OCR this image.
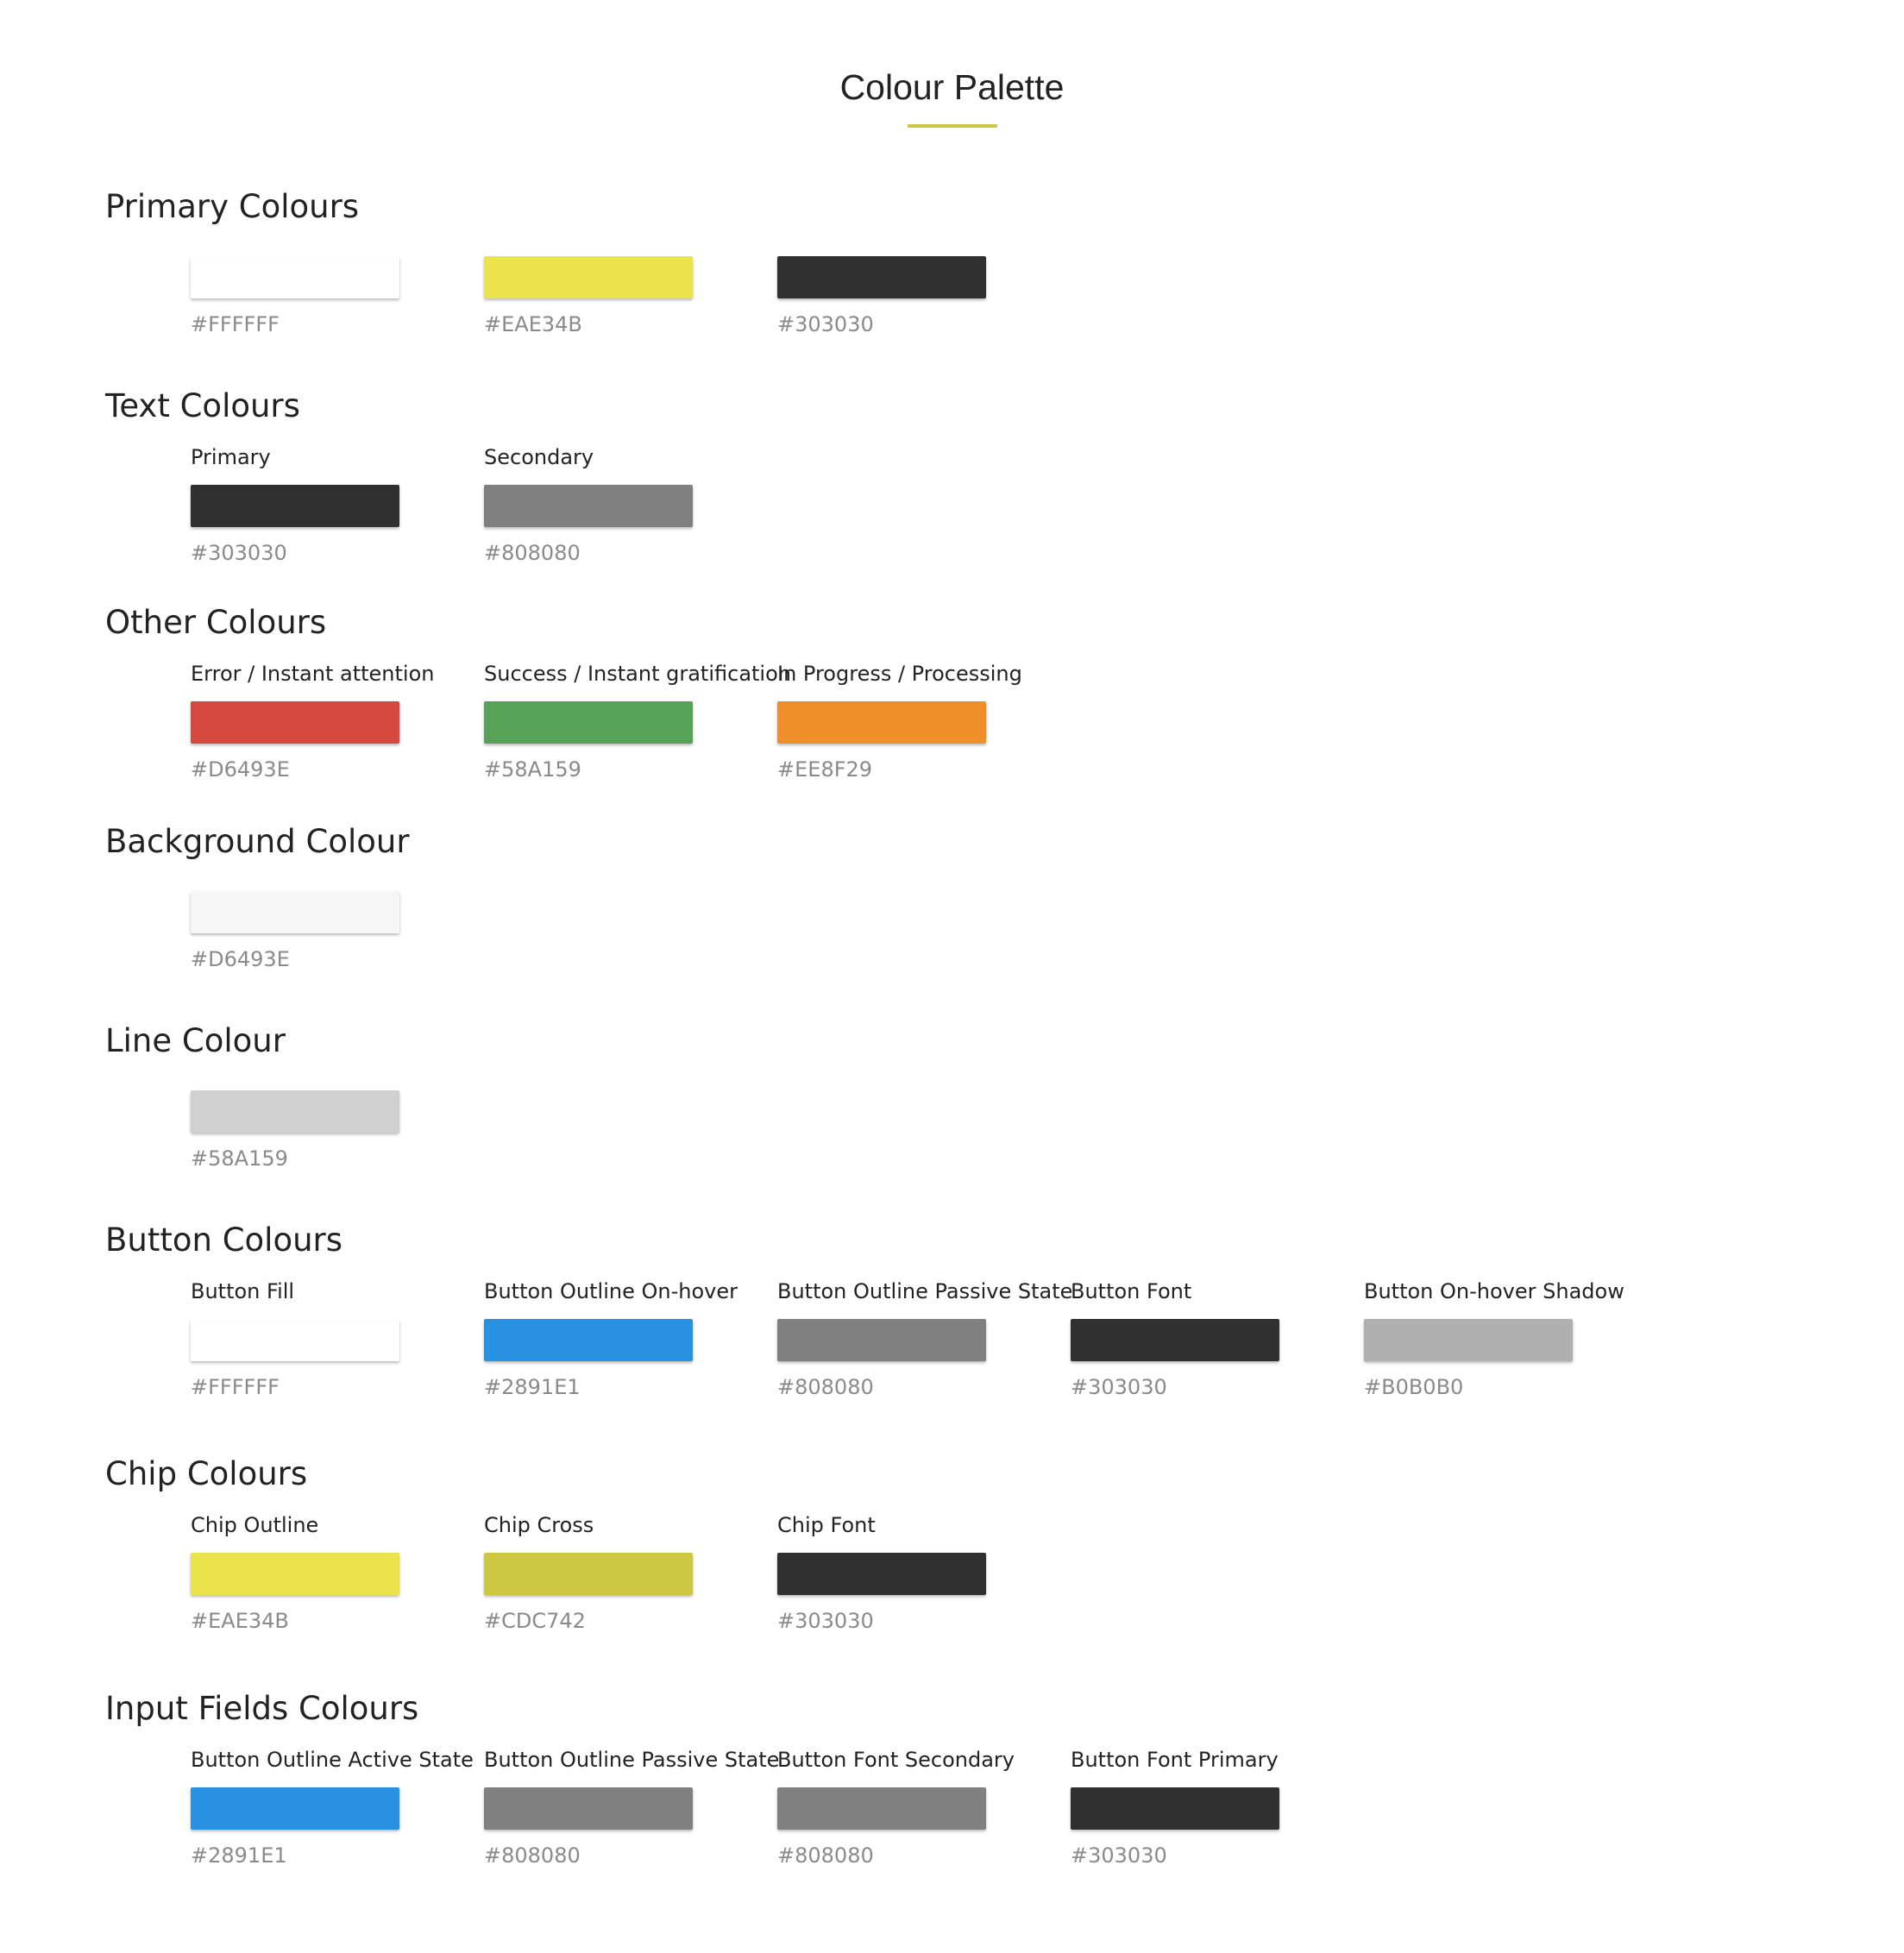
Colour Palette
Primary Colours
#FFFFFF	#EAE34B	#303030
Text Colours
Primary
#303030
Secondary
#808080
Other Colours
Error / Instant attention
#D6493E
Success / Instant gratification
#58A159
In Progress / Processing
#EE8F29
Background Colour
#D6493E
Line Colour
#58A159
Button Colours
Button Fill
#FFFFFF
Button Outline On-hover
#2891E1
Button Outline Passive State
#808080
Button Font
#303030
Button On-hover Shadow
#B0B0B0
Chip Colours
Chip Outline
#EAE34B
Chip Cross
#CDC742
Chip Font
#303030
Input Fields Colours
Button Outline Active State
#2891E1
Button Outline Passive State
#808080
Button Font Secondary
#808080
Button Font Primary
#303030
